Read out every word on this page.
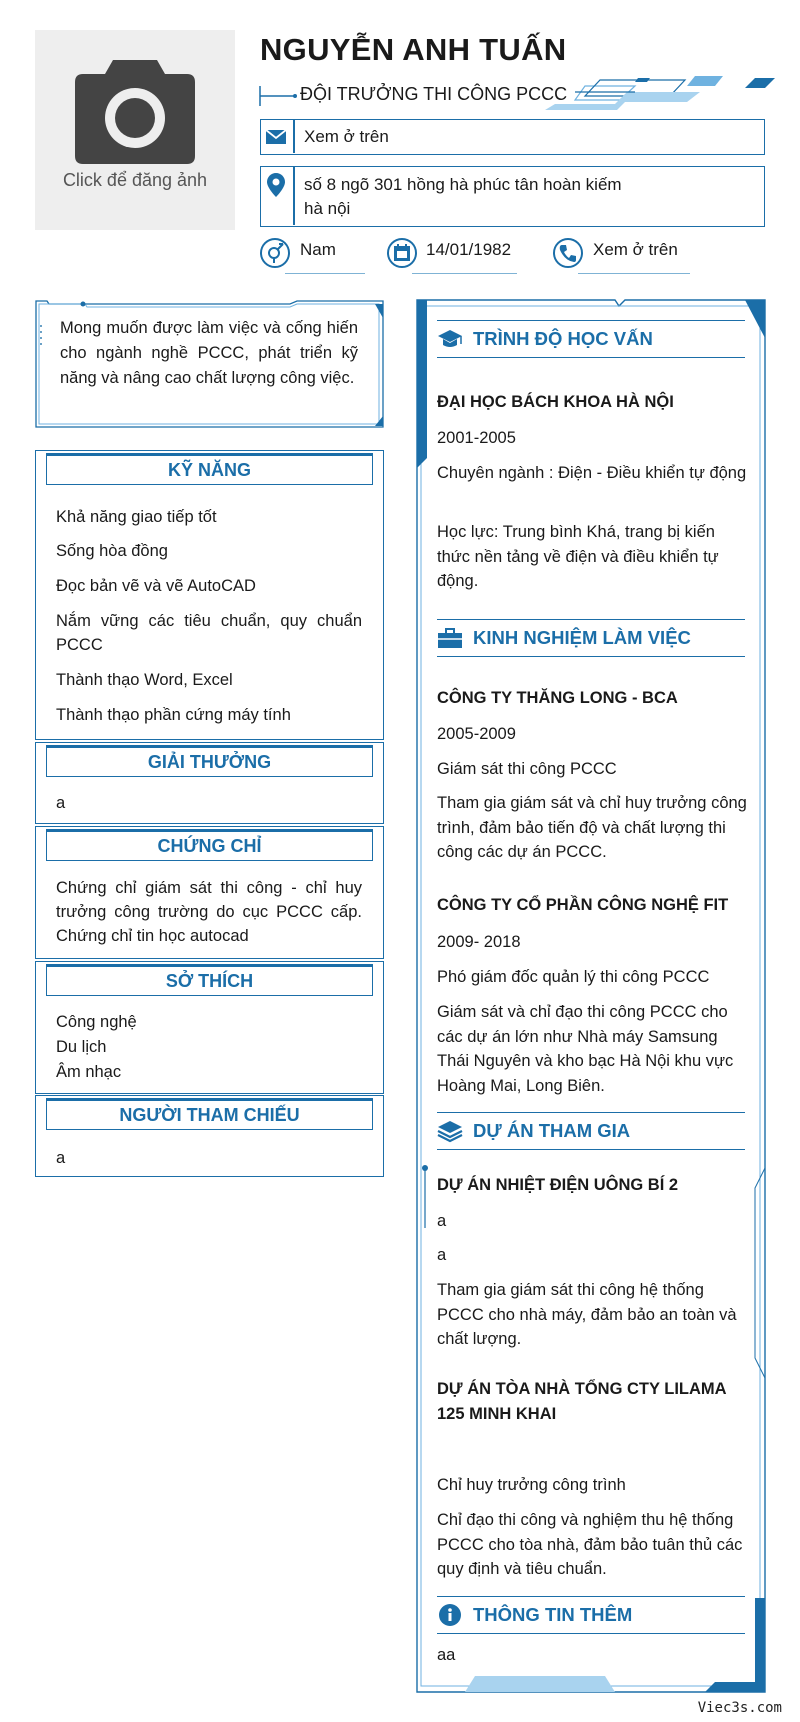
Click để đăng ảnh
NGUYỄN ANH TUẤN
ĐỘI TRƯỞNG THI CÔNG PCCC
Xem ở trên
số 8 ngõ 301 hồng hà phúc tân hoàn kiếm
hà nội
Nam	14/01/1982	Xem ở trên
Mong muốn được làm việc và cống hiến cho ngành nghề PCCC, phát triển kỹ năng và nâng cao chất lượng công việc.
KỸ NĂNG
Khả năng giao tiếp tốt
Sống hòa đồng
Đọc bản vẽ và vẽ AutoCAD
Nắm vững các tiêu chuẩn, quy chuẩn PCCC
Thành thạo Word, Excel
Thành thạo phần cứng máy tính
GIẢI THƯỞNG
a
CHỨNG CHỈ
Chứng chỉ giám sát thi công - chỉ huy trưởng công trường do cục PCCC cấp. Chứng chỉ tin học autocad
SỞ THÍCH
Công nghệ
Du lịch
Âm nhạc
NGƯỜI THAM CHIẾU
a
TRÌNH ĐỘ HỌC VẤN
ĐẠI HỌC BÁCH KHOA HÀ NỘI
2001-2005
Chuyên ngành : Điện - Điều khiển tự động
Học lực: Trung bình Khá, trang bị kiến thức nền tảng về điện và điều khiển tự động.
KINH NGHIỆM LÀM VIỆC
CÔNG TY THĂNG LONG - BCA
2005-2009
Giám sát thi công PCCC
Tham gia giám sát và chỉ huy trưởng công trình, đảm bảo tiến độ và chất lượng thi công các dự án PCCC.
CÔNG TY CỔ PHẦN CÔNG NGHỆ FIT
2009- 2018
Phó giám đốc quản lý thi công PCCC
Giám sát và chỉ đạo thi công PCCC cho các dự án lớn như Nhà máy Samsung Thái Nguyên và kho bạc Hà Nội khu vực Hoàng Mai, Long Biên.
DỰ ÁN THAM GIA
DỰ ÁN NHIỆT ĐIỆN UÔNG BÍ 2
a
a
Tham gia giám sát thi công hệ thống PCCC cho nhà máy, đảm bảo an toàn và chất lượng.
DỰ ÁN TÒA NHÀ TỔNG CTY LILAMA 125 MINH KHAI
Chỉ huy trưởng công trình
Chỉ đạo thi công và nghiệm thu hệ thống PCCC cho tòa nhà, đảm bảo tuân thủ các quy định và tiêu chuẩn.
THÔNG TIN THÊM
aa
Viec3s.com
